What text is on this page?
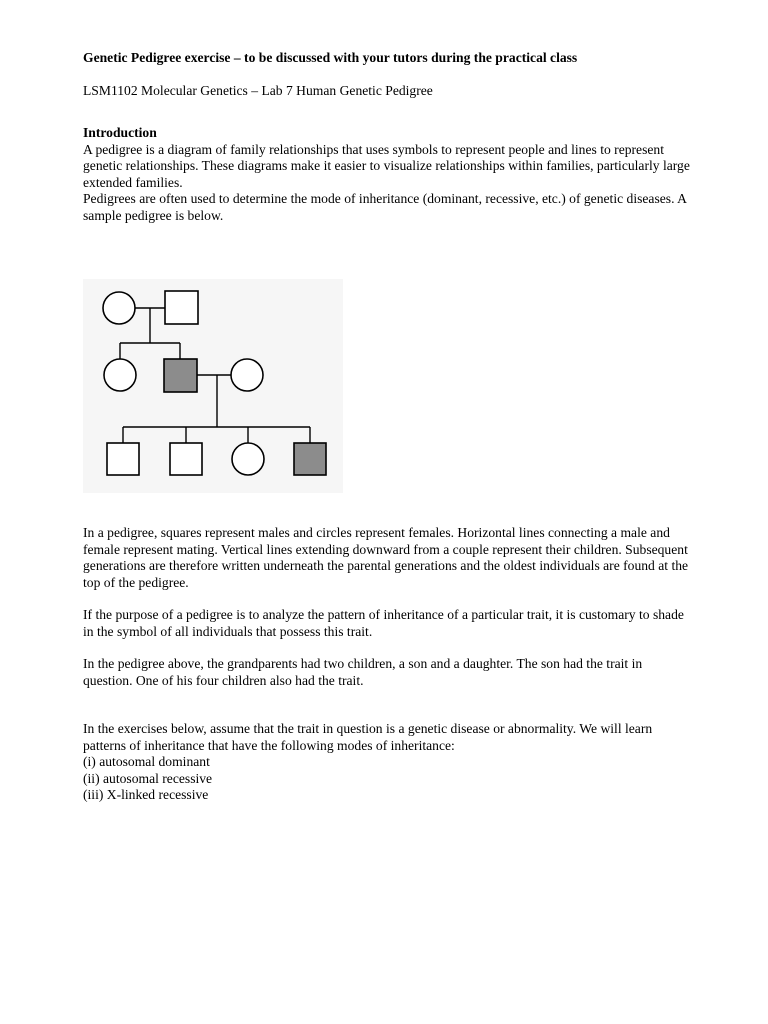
Genetic Pedigree exercise – to be discussed with your tutors during the practical class

LSM1102 Molecular Genetics – Lab 7 Human Genetic Pedigree

Introduction

A pedigree is a diagram of family relationships that uses symbols to represent people and lines to represent genetic relationships. These diagrams make it easier to visualize relationships within families, particularly large extended families.

Pedigrees are often used to determine the mode of inheritance (dominant, recessive, etc.) of genetic diseases. A sample pedigree is below.

In a pedigree, squares represent males and circles represent females. Horizontal lines connecting a male and female represent mating. Vertical lines extending downward from a couple represent their children. Subsequent generations are therefore written underneath the parental generations and the oldest individuals are found at the top of the pedigree.

If the purpose of a pedigree is to analyze the pattern of inheritance of a particular trait, it is customary to shade in the symbol of all individuals that possess this trait.

In the pedigree above, the grandparents had two children, a son and a daughter. The son had the trait in question. One of his four children also had the trait.

In the exercises below, assume that the trait in question is a genetic disease or abnormality. We will learn patterns of inheritance that have the following modes of inheritance:

(i) autosomal dominant

(ii) autosomal recessive

(iii) X-linked recessive
